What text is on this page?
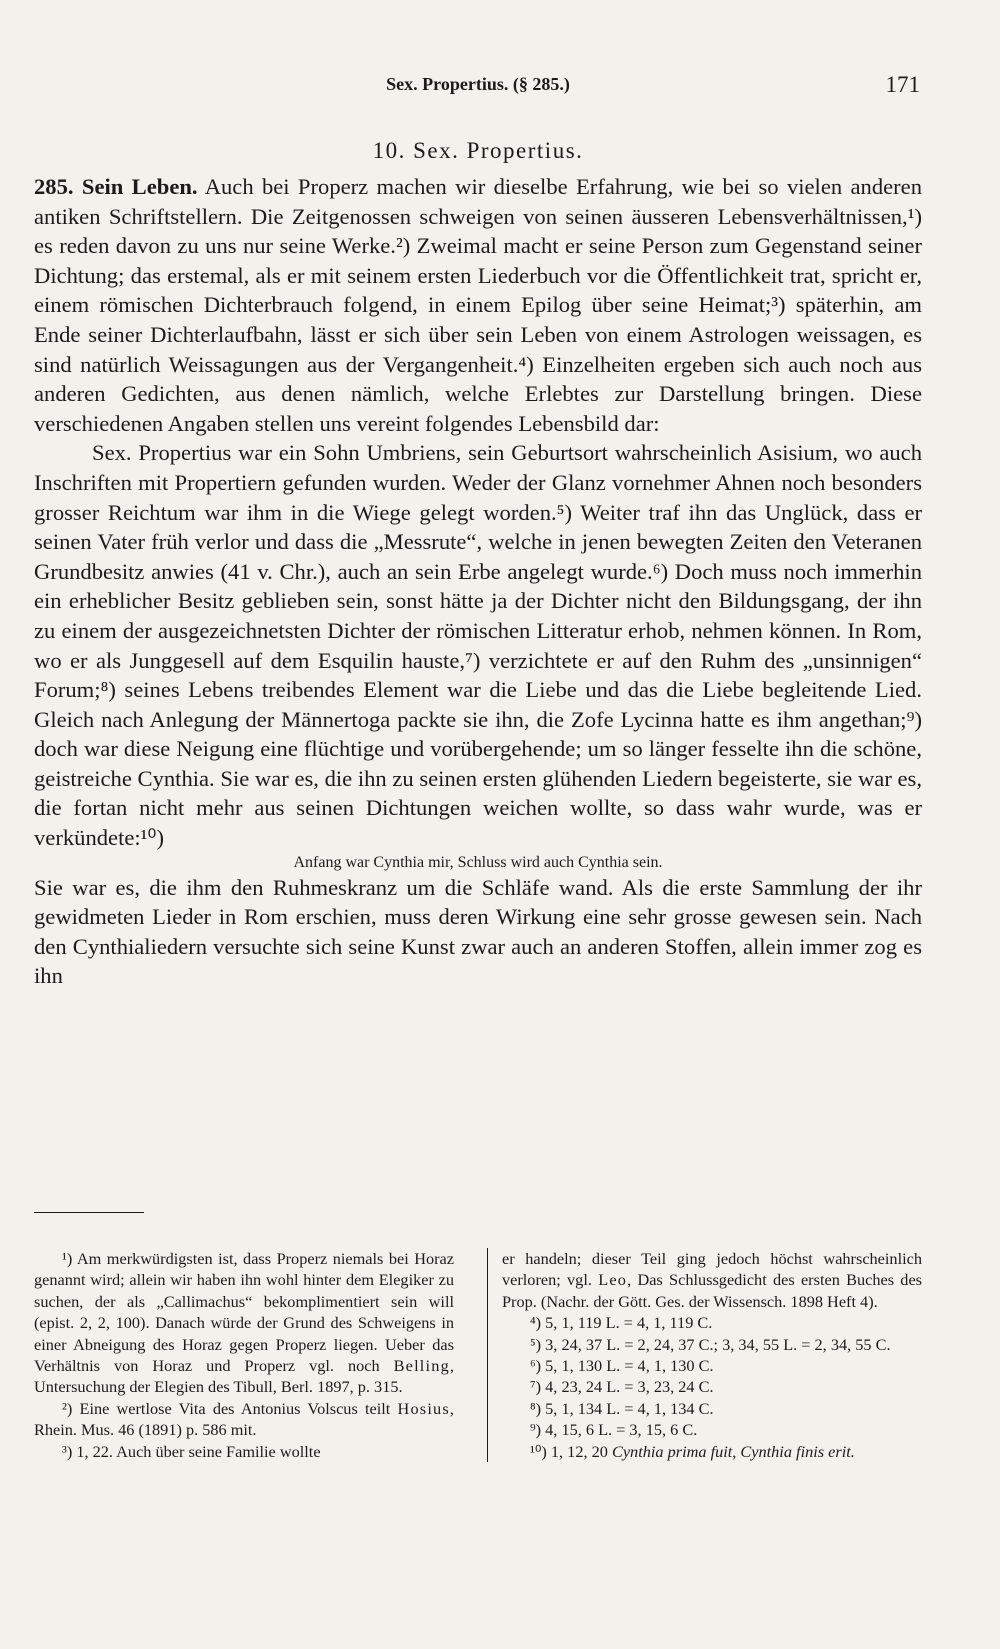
Sex. Propertius. (§ 285.)	171
10. Sex. Propertius.

285. Sein Leben. Auch bei Properz machen wir dieselbe Erfahrung, wie bei so vielen anderen antiken Schriftstellern. Die Zeitgenossen schweigen von seinen äusseren Lebensverhältnissen,¹) es reden davon zu uns nur seine Werke.²) Zweimal macht er seine Person zum Gegenstand seiner Dichtung; das erstemal, als er mit seinem ersten Liederbuch vor die Öffentlichkeit trat, spricht er, einem römischen Dichterbrauch folgend, in einem Epilog über seine Heimat;³) späterhin, am Ende seiner Dichterlaufbahn, lässt er sich über sein Leben von einem Astrologen weissagen, es sind natürlich Weissagungen aus der Vergangenheit.⁴) Einzelheiten ergeben sich auch noch aus anderen Gedichten, aus denen nämlich, welche Erlebtes zur Darstellung bringen. Diese verschiedenen Angaben stellen uns vereint folgendes Lebensbild dar:

Sex. Propertius war ein Sohn Umbriens, sein Geburtsort wahrscheinlich Asisium, wo auch Inschriften mit Propertiern gefunden wurden. Weder der Glanz vornehmer Ahnen noch besonders grosser Reichtum war ihm in die Wiege gelegt worden.⁵) Weiter traf ihn das Unglück, dass er seinen Vater früh verlor und dass die „Messrute“, welche in jenen bewegten Zeiten den Veteranen Grundbesitz anwies (41 v. Chr.), auch an sein Erbe angelegt wurde.⁶) Doch muss noch immerhin ein erheblicher Besitz geblieben sein, sonst hätte ja der Dichter nicht den Bildungsgang, der ihn zu einem der ausgezeichnetsten Dichter der römischen Litteratur erhob, nehmen können. In Rom, wo er als Junggesell auf dem Esquilin hauste,⁷) verzichtete er auf den Ruhm des „unsinnigen“ Forum;⁸) seines Lebens treibendes Element war die Liebe und das die Liebe begleitende Lied. Gleich nach Anlegung der Männertoga packte sie ihn, die Zofe Lycinna hatte es ihm angethan;⁹) doch war diese Neigung eine flüchtige und vorübergehende; um so länger fesselte ihn die schöne, geistreiche Cynthia. Sie war es, die ihn zu seinen ersten glühenden Liedern begeisterte, sie war es, die fortan nicht mehr aus seinen Dichtungen weichen wollte, so dass wahr wurde, was er verkündete:¹⁰)

Anfang war Cynthia mir, Schluss wird auch Cynthia sein.

Sie war es, die ihm den Ruhmeskranz um die Schläfe wand. Als die erste Sammlung der ihr gewidmeten Lieder in Rom erschien, muss deren Wirkung eine sehr grosse gewesen sein. Nach den Cynthialiedern versuchte sich seine Kunst zwar auch an anderen Stoffen, allein immer zog es ihn

¹) Am merkwürdigsten ist, dass Properz niemals bei Horaz genannt wird; allein wir haben ihn wohl hinter dem Elegiker zu suchen, der als „Callimachus“ bekomplimentiert sein will (epist. 2, 2, 100). Danach würde der Grund des Schweigens in einer Abneigung des Horaz gegen Properz liegen. Ueber das Verhältnis von Horaz und Properz vgl. noch Belling, Untersuchung der Elegien des Tibull, Berl. 1897, p. 315.

²) Eine wertlose Vita des Antonius Volscus teilt Hosius, Rhein. Mus. 46 (1891) p. 586 mit.

³) 1, 22. Auch über seine Familie wollte

er handeln; dieser Teil ging jedoch höchst wahrscheinlich verloren; vgl. Leo, Das Schlussgedicht des ersten Buches des Prop. (Nachr. der Gött. Ges. der Wissensch. 1898 Heft 4).

⁴) 5, 1, 119 L. = 4, 1, 119 C.

⁵) 3, 24, 37 L. = 2, 24, 37 C.; 3, 34, 55 L. = 2, 34, 55 C.

⁶) 5, 1, 130 L. = 4, 1, 130 C.

⁷) 4, 23, 24 L. = 3, 23, 24 C.

⁸) 5, 1, 134 L. = 4, 1, 134 C.

⁹) 4, 15, 6 L. = 3, 15, 6 C.

¹⁰) 1, 12, 20 Cynthia prima fuit, Cynthia finis erit.
